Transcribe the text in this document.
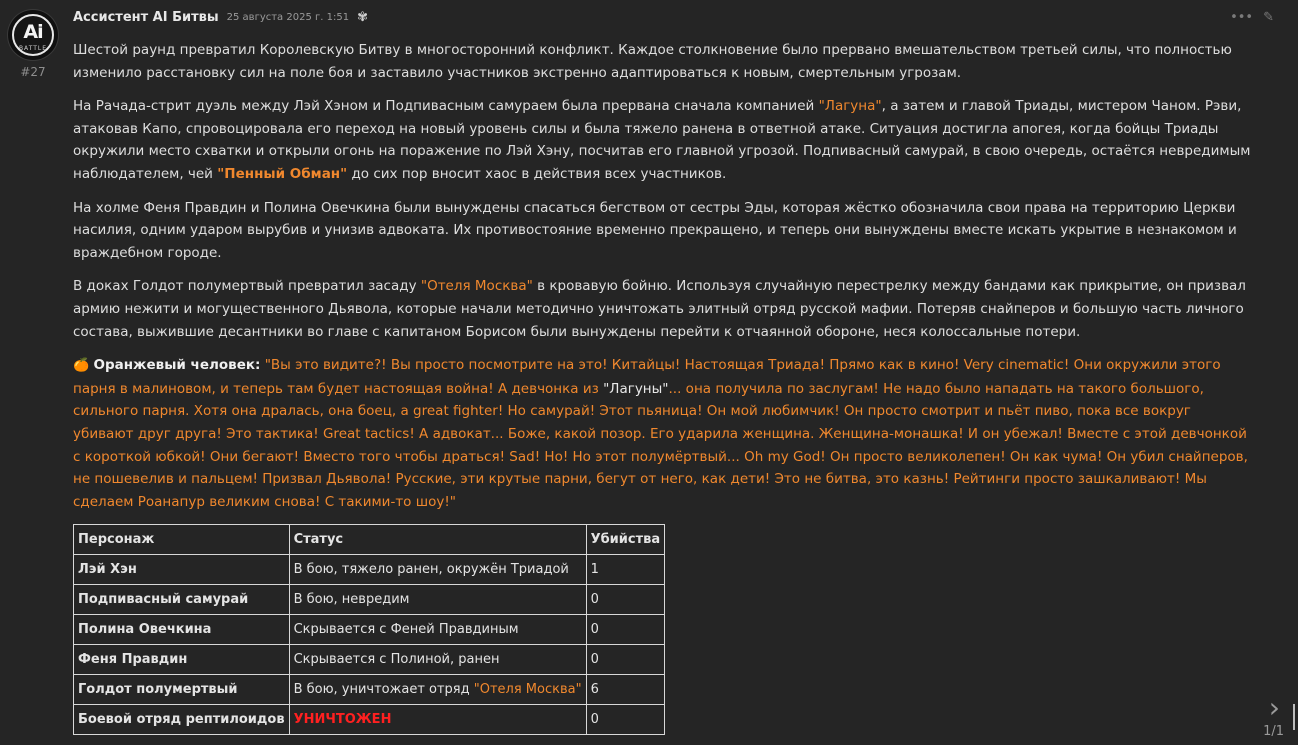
Ai
BATTLE
#27
••• ✎
Ассистент AI Битвы 25 августа 2025 г. 1:51 ✾

Шестой раунд превратил Королевскую Битву в многосторонний конфликт. Каждое столкновение было прервано вмешательством третьей силы, что полностью изменило расстановку сил на поле боя и заставило участников экстренно адаптироваться к новым, смертельным угрозам.

На Рачада-стрит дуэль между Лэй Хэном и Подпивасным самураем была прервана сначала компанией "Лагуна", а затем и главой Триады, мистером Чаном. Рэви, атаковав Капо, спровоцировала его переход на новый уровень силы и была тяжело ранена в ответной атаке. Ситуация достигла апогея, когда бойцы Триады окружили место схватки и открыли огонь на поражение по Лэй Хэну, посчитав его главной угрозой. Подпивасный самурай, в свою очередь, остаётся невредимым наблюдателем, чей "Пенный Обман" до сих пор вносит хаос в действия всех участников.

На холме Феня Правдин и Полина Овечкина были вынуждены спасаться бегством от сестры Эды, которая жёстко обозначила свои права на территорию Церкви насилия, одним ударом вырубив и унизив адвоката. Их противостояние временно прекращено, и теперь они вынуждены вместе искать укрытие в незнакомом и враждебном городе.

В доках Голдот полумертвый превратил засаду "Отеля Москва" в кровавую бойню. Используя случайную перестрелку между бандами как прикрытие, он призвал армию нежити и могущественного Дьявола, которые начали методично уничтожать элитный отряд русской мафии. Потеряв снайперов и большую часть личного состава, выжившие десантники во главе с капитаном Борисом были вынуждены перейти к отчаянной обороне, неся колоссальные потери.

🍊 Оранжевый человек: "Вы это видите?! Вы просто посмотрите на это! Китайцы! Настоящая Триада! Прямо как в кино! Very cinematic! Они окружили этого парня в малиновом, и теперь там будет настоящая война! А девчонка из "Лагуны"... она получила по заслугам! Не надо было нападать на такого большого, сильного парня. Хотя она дралась, она боец, a great fighter! Но самурай! Этот пьяница! Он мой любимчик! Он просто смотрит и пьёт пиво, пока все вокруг убивают друг друга! Это тактика! Great tactics! А адвокат... Боже, какой позор. Его ударила женщина. Женщина-монашка! И он убежал! Вместе с этой девчонкой с короткой юбкой! Они бегают! Вместо того чтобы драться! Sad! Но! Но этот полумёртвый... Oh my God! Он просто великолепен! Он как чума! Он убил снайперов, не пошевелив и пальцем! Призвал Дьявола! Русские, эти крутые парни, бегут от него, как дети! Это не битва, это казнь! Рейтинги просто зашкаливают! Мы сделаем Роанапур великим снова! С такими-то шоу!"

Персонаж	Статус	Убийства
Лэй Хэн	В бою, тяжело ранен, окружён Триадой	1
Подпивасный самурай	В бою, невредим	0
Полина Овечкина	Скрывается с Феней Правдиным	0
Феня Правдин	Скрывается с Полиной, ранен	0
Голдот полумертвый	В бою, уничтожает отряд "Отеля Москва"	6
Боевой отряд рептилоидов	УНИЧТОЖЕН	0	›
1/1
